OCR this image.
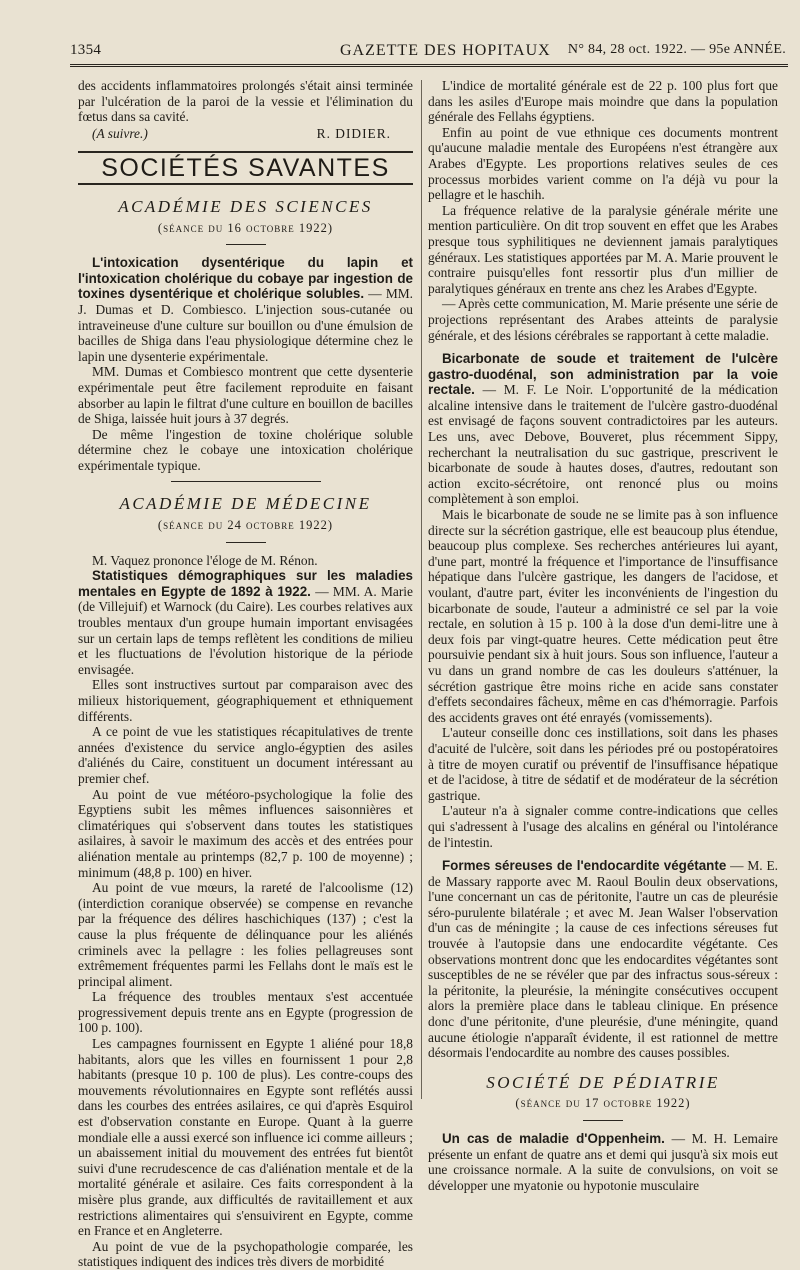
1354	GAZETTE DES HOPITAUX N° 84, 28 oct. 1922. — 95e ANNÉE.

des accidents inflammatoires prolongés s'était ainsi terminée par l'ulcération de la paroi de la vessie et l'élimination du fœtus dans sa cavité.

(A suivre.)	R. DIDIER.
SOCIÉTÉS SAVANTES
ACADÉMIE DES SCIENCES
(séance du 16 octobre 1922)

L'intoxication dysentérique du lapin et l'intoxication cholérique du cobaye par ingestion de toxines dysentérique et cholérique solubles. — MM. J. Dumas et D. Combiesco. L'injection sous-cutanée ou intraveineuse d'une culture sur bouillon ou d'une émulsion de bacilles de Shiga dans l'eau physiologique détermine chez le lapin une dysenterie expérimentale.

MM. Dumas et Combiesco montrent que cette dysenterie expérimentale peut être facilement reproduite en faisant absorber au lapin le filtrat d'une culture en bouillon de bacilles de Shiga, laissée huit jours à 37 degrés.

De même l'ingestion de toxine cholérique soluble détermine chez le cobaye une intoxication cholérique expérimentale typique.

ACADÉMIE DE MÉDECINE
(séance du 24 octobre 1922)

M. Vaquez prononce l'éloge de M. Rénon.

Statistiques démographiques sur les maladies mentales en Egypte de 1892 à 1922. — MM. A. Marie (de Villejuif) et Warnock (du Caire). Les courbes relatives aux troubles mentaux d'un groupe humain important envisagées sur un certain laps de temps reflètent les conditions de milieu et les fluctuations de l'évolution historique de la période envisagée.

Elles sont instructives surtout par comparaison avec des milieux historiquement, géographiquement et ethniquement différents.

A ce point de vue les statistiques récapitulatives de trente années d'existence du service anglo-égyptien des asiles d'aliénés du Caire, constituent un document intéressant au premier chef.

Au point de vue météoro-psychologique la folie des Egyptiens subit les mêmes influences saisonnières et climatériques qui s'observent dans toutes les statistiques asilaires, à savoir le maximum des accès et des entrées pour aliénation mentale au printemps (82,7 p. 100 de moyenne) ; minimum (48,8 p. 100) en hiver.

Au point de vue mœurs, la rareté de l'alcoolisme (12) (interdiction coranique observée) se compense en revanche par la fréquence des délires haschichiques (137) ; c'est la cause la plus fréquente de délinquance pour les aliénés criminels avec la pellagre : les folies pellagreuses sont extrêmement fréquentes parmi les Fellahs dont le maïs est le principal aliment.

La fréquence des troubles mentaux s'est accentuée progressivement depuis trente ans en Egypte (progression de 100 p. 100).

Les campagnes fournissent en Egypte 1 aliéné pour 18,8 habitants, alors que les villes en fournissent 1 pour 2,8 habitants (presque 10 p. 100 de plus). Les contre-coups des mouvements révolutionnaires en Egypte sont reflétés aussi dans les courbes des entrées asilaires, ce qui d'après Esquirol est d'observation constante en Europe. Quant à la guerre mondiale elle a aussi exercé son influence ici comme ailleurs ; un abaissement initial du mouvement des entrées fut bientôt suivi d'une recrudescence de cas d'aliénation mentale et de la mortalité générale et asilaire. Ces faits correspondent à la misère plus grande, aux difficultés de ravitaillement et aux restrictions alimentaires qui s'ensuivirent en Egypte, comme en France et en Angleterre.

Au point de vue de la psychopathologie comparée, les statistiques indiquent des indices très divers de morbidité

L'indice de mortalité générale est de 22 p. 100 plus fort que dans les asiles d'Europe mais moindre que dans la population générale des Fellahs égyptiens.

Enfin au point de vue ethnique ces documents montrent qu'aucune maladie mentale des Européens n'est étrangère aux Arabes d'Egypte. Les proportions relatives seules de ces processus morbides varient comme on l'a déjà vu pour la pellagre et le haschih.

La fréquence relative de la paralysie générale mérite une mention particulière. On dit trop souvent en effet que les Arabes presque tous syphilitiques ne deviennent jamais paralytiques généraux. Les statistiques apportées par M. A. Marie prouvent le contraire puisqu'elles font ressortir plus d'un millier de paralytiques généraux en trente ans chez les Arabes d'Egypte.

— Après cette communication, M. Marie présente une série de projections représentant des Arabes atteints de paralysie générale, et des lésions cérébrales se rapportant à cette maladie.

Bicarbonate de soude et traitement de l'ulcère gastro-duodénal, son administration par la voie rectale. — M. F. Le Noir. L'opportunité de la médication alcaline intensive dans le traitement de l'ulcère gastro-duodénal est envisagé de façons souvent contradictoires par les auteurs. Les uns, avec Debove, Bouveret, plus récemment Sippy, recherchant la neutralisation du suc gastrique, prescrivent le bicarbonate de soude à hautes doses, d'autres, redoutant son action excito-sécrétoire, ont renoncé plus ou moins complètement à son emploi.

Mais le bicarbonate de soude ne se limite pas à son influence directe sur la sécrétion gastrique, elle est beaucoup plus étendue, beaucoup plus complexe. Ses recherches antérieures lui ayant, d'une part, montré la fréquence et l'importance de l'insuffisance hépatique dans l'ulcère gastrique, les dangers de l'acidose, et voulant, d'autre part, éviter les inconvénients de l'ingestion du bicarbonate de soude, l'auteur a administré ce sel par la voie rectale, en solution à 15 p. 100 à la dose d'un demi-litre une à deux fois par vingt-quatre heures. Cette médication peut être poursuivie pendant six à huit jours. Sous son influence, l'auteur a vu dans un grand nombre de cas les douleurs s'atténuer, la sécrétion gastrique être moins riche en acide sans constater d'effets secondaires fâcheux, même en cas d'hémorragie. Parfois des accidents graves ont été enrayés (vomissements).

L'auteur conseille donc ces instillations, soit dans les phases d'acuité de l'ulcère, soit dans les périodes pré ou postopératoires à titre de moyen curatif ou préventif de l'insuffisance hépatique et de l'acidose, à titre de sédatif et de modérateur de la sécrétion gastrique.

L'auteur n'a à signaler comme contre-indications que celles qui s'adressent à l'usage des alcalins en général ou l'intolérance de l'intestin.

Formes séreuses de l'endocardite végétante — M. E. de Massary rapporte avec M. Raoul Boulin deux observations, l'une concernant un cas de péritonite, l'autre un cas de pleurésie séro-purulente bilatérale ; et avec M. Jean Walser l'observation d'un cas de méningite ; la cause de ces infections séreuses fut trouvée à l'autopsie dans une endocardite végétante. Ces observations montrent donc que les endocardites végétantes sont susceptibles de ne se révéler que par des infractus sous-séreux : la péritonite, la pleurésie, la méningite consécutives occupent alors la première place dans le tableau clinique. En présence donc d'une péritonite, d'une pleurésie, d'une méningite, quand aucune étiologie n'apparaît évidente, il est rationnel de mettre désormais l'endocardite au nombre des causes possibles.

SOCIÉTÉ DE PÉDIATRIE
(séance du 17 octobre 1922)

Un cas de maladie d'Oppenheim. — M. H. Lemaire présente un enfant de quatre ans et demi qui jusqu'à six mois eut une croissance normale. A la suite de convulsions, on voit se développer une myatonie ou hypotonie musculaire
